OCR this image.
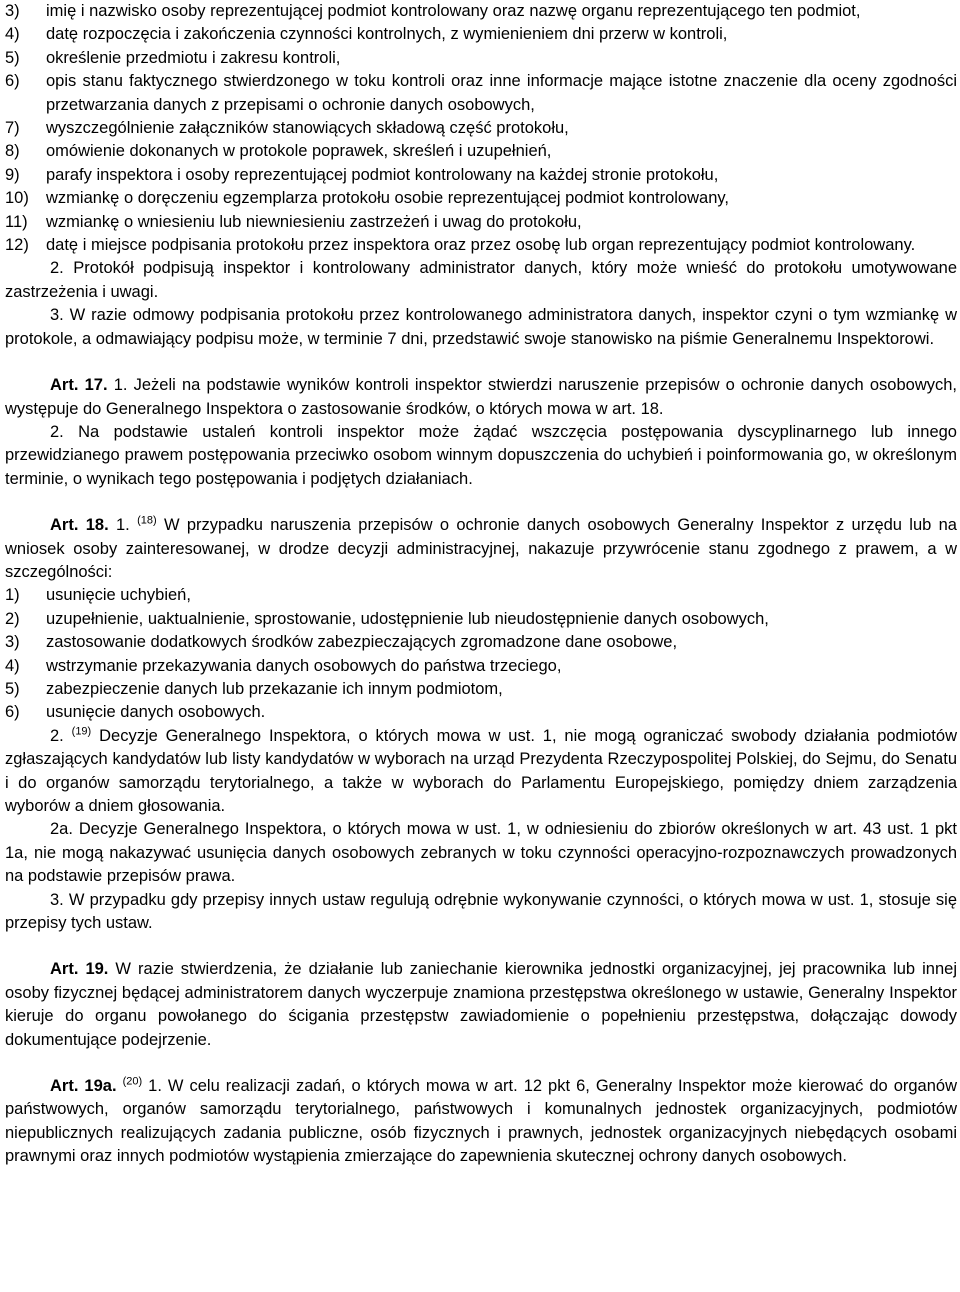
3)	imię i nazwisko osoby reprezentującej podmiot kontrolowany oraz nazwę organu reprezentującego ten podmiot,
4)	datę rozpoczęcia i zakończenia czynności kontrolnych, z wymienieniem dni przerw w kontroli,
5)	określenie przedmiotu i zakresu kontroli,
6)	opis stanu faktycznego stwierdzonego w toku kontroli oraz inne informacje mające istotne znaczenie dla oceny zgodności przetwarzania danych z przepisami o ochronie danych osobowych,
7)	wyszczególnienie załączników stanowiących składową część protokołu,
8)	omówienie dokonanych w protokole poprawek, skreśleń i uzupełnień,
9)	parafy inspektora i osoby reprezentującej podmiot kontrolowany na każdej stronie protokołu,
10)	wzmiankę o doręczeniu egzemplarza protokołu osobie reprezentującej podmiot kontrolowany,
11)	wzmiankę o wniesieniu lub niewniesieniu zastrzeżeń i uwag do protokołu,
12)	datę i miejsce podpisania protokołu przez inspektora oraz przez osobę lub organ reprezentujący podmiot kontrolowany.

2. Protokół podpisują inspektor i kontrolowany administrator danych, który może wnieść do protokołu umotywowane zastrzeżenia i uwagi.

3. W razie odmowy podpisania protokołu przez kontrolowanego administratora danych, inspektor czyni o tym wzmiankę w protokole, a odmawiający podpisu może, w terminie 7 dni, przedstawić swoje stanowisko na piśmie Generalnemu Inspektorowi.

Art. 17. 1. Jeżeli na podstawie wyników kontroli inspektor stwierdzi naruszenie przepisów o ochronie danych osobowych, występuje do Generalnego Inspektora o zastosowanie środków, o których mowa w art. 18.

2. Na podstawie ustaleń kontroli inspektor może żądać wszczęcia postępowania dyscyplinarnego lub innego przewidzianego prawem postępowania przeciwko osobom winnym dopuszczenia do uchybień i poinformowania go, w określonym terminie, o wynikach tego postępowania i podjętych działaniach.

Art. 18. 1. $^{(18)}$ W przypadku naruszenia przepisów o ochronie danych osobowych Generalny Inspektor z urzędu lub na wniosek osoby zainteresowanej, w drodze decyzji administracyjnej, nakazuje przywrócenie stanu zgodnego z prawem, a w szczególności:

1)	usunięcie uchybień,
2)	uzupełnienie, uaktualnienie, sprostowanie, udostępnienie lub nieudostępnienie danych osobowych,
3)	zastosowanie dodatkowych środków zabezpieczających zgromadzone dane osobowe,
4)	wstrzymanie przekazywania danych osobowych do państwa trzeciego,
5)	zabezpieczenie danych lub przekazanie ich innym podmiotom,
6)	usunięcie danych osobowych.

2. $^{(19)}$ Decyzje Generalnego Inspektora, o których mowa w ust. 1, nie mogą ograniczać swobody działania podmiotów zgłaszających kandydatów lub listy kandydatów w wyborach na urząd Prezydenta Rzeczypospolitej Polskiej, do Sejmu, do Senatu i do organów samorządu terytorialnego, a także w wyborach do Parlamentu Europejskiego, pomiędzy dniem zarządzenia wyborów a dniem głosowania.

2a. Decyzje Generalnego Inspektora, o których mowa w ust. 1, w odniesieniu do zbiorów określonych w art. 43 ust. 1 pkt 1a, nie mogą nakazywać usunięcia danych osobowych zebranych w toku czynności operacyjno-rozpoznawczych prowadzonych na podstawie przepisów prawa.

3. W przypadku gdy przepisy innych ustaw regulują odrębnie wykonywanie czynności, o których mowa w ust. 1, stosuje się przepisy tych ustaw.

Art. 19. W razie stwierdzenia, że działanie lub zaniechanie kierownika jednostki organizacyjnej, jej pracownika lub innej osoby fizycznej będącej administratorem danych wyczerpuje znamiona przestępstwa określonego w ustawie, Generalny Inspektor kieruje do organu powołanego do ścigania przestępstw zawiadomienie o popełnieniu przestępstwa, dołączając dowody dokumentujące podejrzenie.

Art. 19a. $^{(20)}$ 1. W celu realizacji zadań, o których mowa w art. 12 pkt 6, Generalny Inspektor może kierować do organów państwowych, organów samorządu terytorialnego, państwowych i komunalnych jednostek organizacyjnych, podmiotów niepublicznych realizujących zadania publiczne, osób fizycznych i prawnych, jednostek organizacyjnych niebędących osobami prawnymi oraz innych podmiotów wystąpienia zmierzające do zapewnienia skutecznej ochrony danych osobowych.
